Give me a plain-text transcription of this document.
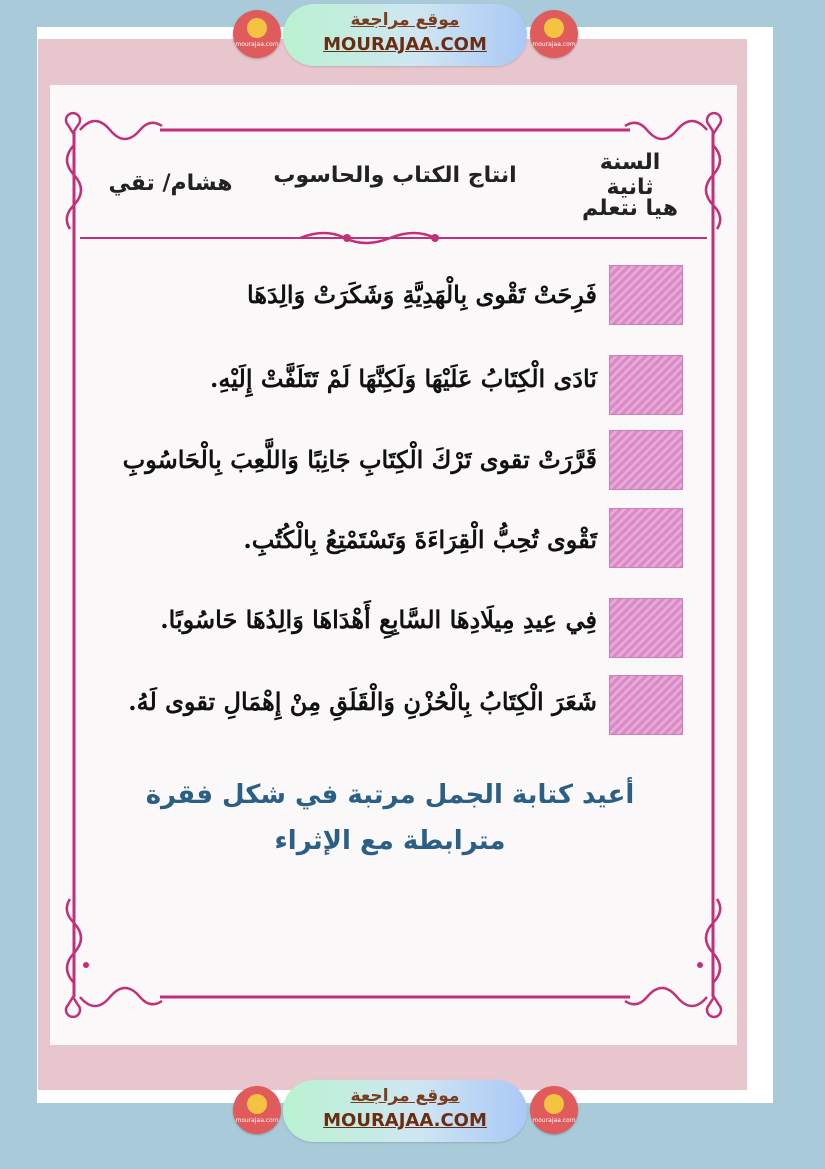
mourajaa.com
موقع مراجعة
MOURAJAA.COM	mourajaa.com
السنة ثانية
هيا نتعلم
انتاج الكتاب والحاسوب
هشام/ تقي
فَرِحَتْ تَقْوى بِالْهَدِيَّةِ وَشَكَرَتْ وَالِدَهَا
نَادَى الْكِتَابُ عَلَيْهَا وَلَكِنَّهَا لَمْ تَتَلَفَّتْ إِلَيْهِ.
قَرَّرَتْ تقوى تَرْكَ الْكِتَابِ جَانِبًا وَاللَّعِبَ بِالْحَاسُوبِ
تَقْوى تُحِبُّ الْقِرَاءَةَ وَتَسْتَمْتِعُ بِالْكُتُبِ.
فِي عِيدِ مِيلَادِهَا السَّابِعِ أَهْدَاهَا وَالِدُهَا حَاسُوبًا.
شَعَرَ الْكِتَابُ بِالْحُزْنِ وَالْقَلَقِ مِنْ إِهْمَالِ تقوى لَهُ.
أعيد كتابة الجمل مرتبة في شكل فقرة
مترابطة مع الإثراء
mourajaa.com
موقع مراجعة
MOURAJAA.COM	mourajaa.com
